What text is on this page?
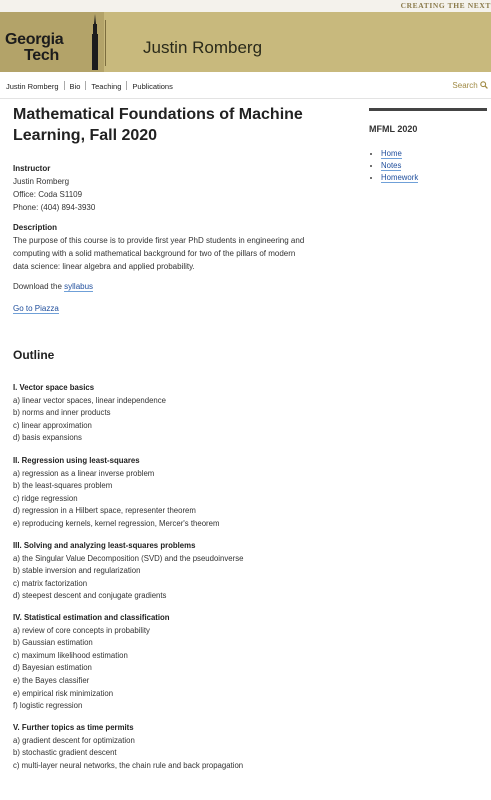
CREATING THE NEXT
Georgia
Tech	Justin Romberg
Justin Romberg Bio Teaching Publications	Search
Mathematical Foundations of Machine
Learning, Fall 2020
Instructor
Justin Romberg
Office: Coda S1109
Phone: (404) 894-3930
Description
The purpose of this course is to provide first year PhD students in engineering and
computing with a solid mathematical background for two of the pillars of modern
data science: linear algebra and applied probability.
Download the syllabus
Go to Piazza
Outline
I. Vector space basics
a) linear vector spaces, linear independence
b) norms and inner products
c) linear approximation
d) basis expansions
II. Regression using least-squares
a) regression as a linear inverse problem
b) the least-squares problem
c) ridge regression
d) regression in a Hilbert space, representer theorem
e) reproducing kernels, kernel regression, Mercer's theorem
III. Solving and analyzing least-squares problems
a) the Singular Value Decomposition (SVD) and the pseudoinverse
b) stable inversion and regularization
c) matrix factorization
d) steepest descent and conjugate gradients
IV. Statistical estimation and classification
a) review of core concepts in probability
b) Gaussian estimation
c) maximum likelihood estimation
d) Bayesian estimation
e) the Bayes classifier
e) empirical risk minimization
f) logistic regression
V. Further topics as time permits
a) gradient descent for optimization
b) stochastic gradient descent
c) multi-layer neural networks, the chain rule and back propagation
MFML 2020
• Home
• Notes
• Homework
